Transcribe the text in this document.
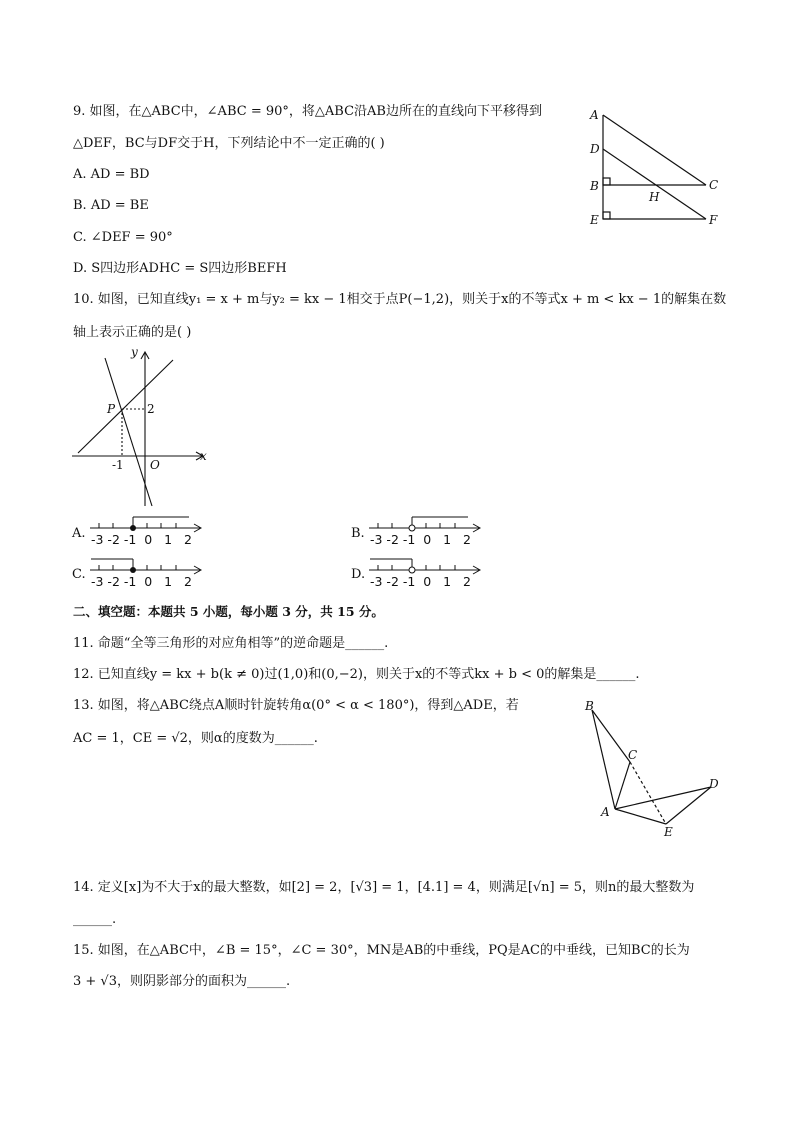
9. 如图，在△ABC中，∠ABC = 90°，将△ABC沿AB边所在的直线向下平移得到
△DEF，BC与DF交于H，下列结论中不一定正确的( )
A. AD = BD
B. AD = BE
C. ∠DEF = 90°
D. S四边形ADHC = S四边形BEFH
A
D
B
E
C
H
F
10. 如图，已知直线y₁ = x + m与y₂ = kx − 1相交于点P(−1,2)，则关于x的不等式x + m < kx − 1的解集在数
轴上表示正确的是( )
y
x
P	2
-1 O
A. -3 -2 -1  0   1   2	B. -3 -2 -1  0   1   2
C. -3 -2 -1  0   1   2	D. -3 -2 -1  0   1   2
二、填空题：本题共 5 小题，每小题 3 分，共 15 分。
11. 命题“全等三角形的对应角相等”的逆命题是______.
12. 已知直线y = kx + b(k ≠ 0)过(1,0)和(0,−2)，则关于x的不等式kx + b < 0的解集是______.
13. 如图，将△ABC绕点A顺时针旋转角α(0° < α < 180°)，得到△ADE，若
AC = 1，CE = √2，则α的度数为______.
B
C
D
A
E
14. 定义[x]为不大于x的最大整数，如[2] = 2，[√3] = 1，[4.1] = 4，则满足[√n] = 5，则n的最大整数为
______.
15. 如图，在△ABC中，∠B = 15°，∠C = 30°，MN是AB的中垂线，PQ是AC的中垂线，已知BC的长为
3 + √3，则阴影部分的面积为______.
